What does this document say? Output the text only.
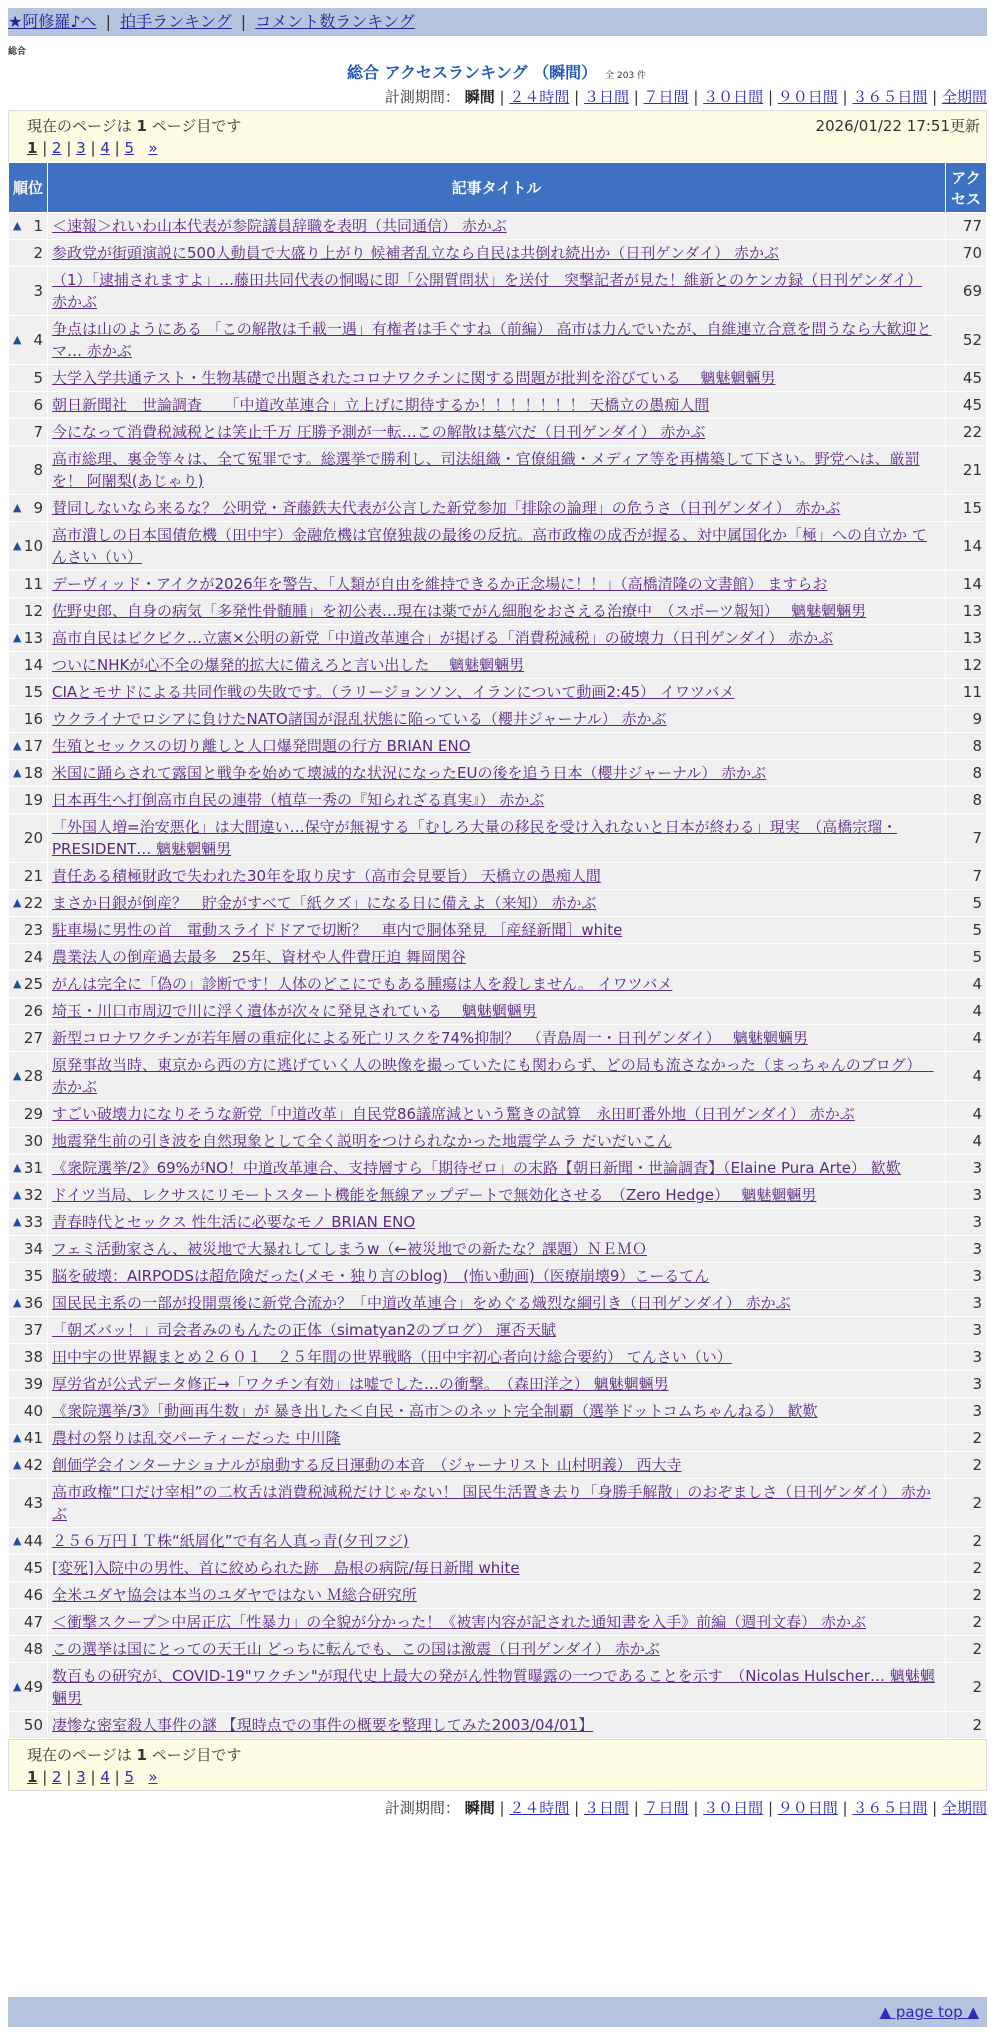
★阿修羅♪へ | 拍手ランキング | コメント数ランキング
総合
総合 アクセスランキング （瞬間） 全 203 件
計測期間： 瞬間 | ２４時間 | ３日間 | ７日間 | ３０日間 | ９０日間 | ３６５日間 | 全期間
現在のページは 1 ページ目です	2026/01/22 17:51更新
1 | 2 | 3 | 4 | 5 »
順位	記事タイトル	アクセス

▲ 1	＜速報＞れいわ山本代表が参院議員辞職を表明（共同通信） 赤かぶ	77
2	参政党が街頭演説に500人動員で大盛り上がり 候補者乱立なら自民は共倒れ続出か（日刊ゲンダイ） 赤かぶ	70
3	（1）「逮捕されますよ」…藤田共同代表の恫喝に即「公開質問状」を送付　突撃記者が見た！維新とのケンカ録（日刊ゲンダイ） 赤かぶ	69

▲ 4	争点は山のようにある 「この解散は千載一遇」有権者は手ぐすね（前編） 高市は力んでいたが、自維連立合意を問うなら大歓迎とマ… 赤かぶ	52
5	大学入学共通テスト・生物基礎で出題されたコロナワクチンに関する問題が批判を浴びている　 魑魅魍魎男	45
6	朝日新聞社　世論調査　　「中道改革連合」立上げに期待するか！！！！！！！ 天橋立の愚痴人間	45
7	今になって消費税減税とは笑止千万 圧勝予測が一転…この解散は墓穴だ（日刊ゲンダイ） 赤かぶ	22
8	高市総理、裏金等々は、全て冤罪です。総選挙で勝利し、司法組織・官僚組織・メディア等を再構築して下さい。野党へは、厳罰を！ 阿闍梨(あじゃり)	21

▲ 9	賛同しないなら来るな？ 公明党・斉藤鉄夫代表が公言した新党参加「排除の論理」の危うさ（日刊ゲンダイ） 赤かぶ	15

▲ 10	高市潰しの日本国債危機（田中宇）金融危機は官僚独裁の最後の反抗。高市政権の成否が握る、対中属国化か「極」への自立か てんさい（い）	14
11	デーヴィッド・アイクが2026年を警告、「人類が自由を維持できるか正念場に！！」（高橋清隆の文書館） ますらお	14
12	佐野史郎、自身の病気「多発性骨髄腫」を初公表…現在は薬でがん細胞をおさえる治療中　（スポーツ報知）　 魑魅魍魎男	13

▲ 13	高市自民はビクビク…立憲×公明の新党「中道改革連合」が掲げる「消費税減税」の破壊力（日刊ゲンダイ） 赤かぶ	13
14	ついにNHKが心不全の爆発的拡大に備えろと言い出した　 魑魅魍魎男	12
15	CIAとモサドによる共同作戦の失敗です。（ラリージョンソン、イランについて動画2:45） イワツバメ	11
16	ウクライナでロシアに負けたNATO諸国が混乱状態に陥っている（櫻井ジャーナル） 赤かぶ	9

▲ 17	生殖とセックスの切り離しと人口爆発問題の行方 BRIAN ENO	8

▲ 18	米国に踊らされて露国と戦争を始めて壊滅的な状況になったEUの後を追う日本（櫻井ジャーナル） 赤かぶ	8
19	日本再生へ打倒高市自民の連帯（植草一秀の『知られざる真実』） 赤かぶ	8
20	「外国人増=治安悪化」は大間違い…保守が無視する「むしろ大量の移民を受け入れないと日本が終わる」現実　（高橋宗瑠・PRESIDENT… 魑魅魍魎男	7
21	責任ある積極財政で失われた30年を取り戻す（高市会見要旨） 天橋立の愚痴人間	7

▲ 22	まさか日銀が倒産？　貯金がすべて「紙クズ」になる日に備えよ（来知） 赤かぶ	5
23	駐車場に男性の首　電動スライドドアで切断？　車内で胴体発見 ［産経新聞］white	5
24	農業法人の倒産過去最多　25年、資材や人件費圧迫 舞岡関谷	5

▲ 25	がんは完全に「偽の」診断です！人体のどこにでもある腫瘍は人を殺しません。 イワツバメ	4
26	埼玉・川口市周辺で川に浮く遺体が次々に発見されている　 魑魅魍魎男	4
27	新型コロナワクチンが若年層の重症化による死亡リスクを74%抑制？　（青島周一・日刊ゲンダイ）　 魑魅魍魎男	4

▲ 28	原発事故当時、東京から西の方に逃げていく人の映像を撮っていたにも関わらず、どの局も流さなかった（まっちゃんのブログ）　 赤かぶ	4
29	すごい破壊力になりそうな新党「中道改革」自民党86議席減という驚きの試算　永田町番外地（日刊ゲンダイ） 赤かぶ	4
30	地震発生前の引き波を自然現象として全く説明をつけられなかった地震学ムラ だいだいこん	4

▲ 31	《衆院選挙/2》69%がNO！中道改革連合、支持層すら「期待ゼロ」の末路【朝日新聞・世論調査】（Elaine Pura Arte） 歓歎	3

▲ 32	ドイツ当局、レクサスにリモートスタート機能を無線アップデートで無効化させる　（Zero Hedge）　 魑魅魍魎男	3

▲ 33	青春時代とセックス 性生活に必要なモノ BRIAN ENO	3
34	フェミ活動家さん、被災地で大暴れしてしまうw（←被災地での新たな？課題）ＮＥＭＯ	3
35	脳を破壊：AIRPODSは超危険だった(メモ・独り言のblog)　(怖い動画)（医療崩壊9）こーるてん	3

▲ 36	国民民主系の一部が投開票後に新党合流か？「中道改革連合」をめぐる熾烈な綱引き（日刊ゲンダイ） 赤かぶ	3
37	「朝ズバッ！」司会者みのもんたの正体（simatyan2のブログ） 運否天賦	3
38	田中宇の世界観まとめ２６０１　２５年間の世界戦略（田中宇初心者向け総合要約） てんさい（い）	3
39	厚労省が公式データ修正→「ワクチン有効」は嘘でした…の衝撃。　（森田洋之） 魑魅魍魎男	3
40	《衆院選挙/3》「動画再生数」が 暴き出した＜自民・高市＞のネット完全制覇（選挙ドットコムちゃんねる） 歓歎	3

▲ 41	農村の祭りは乱交パーティーだった 中川隆	2

▲ 42	創価学会インターナショナルが扇動する反日運動の本音　（ジャーナリスト 山村明義） 西大寺	2
43	高市政権“口だけ宰相”の二枚舌は消費税減税だけじゃない！ 国民生活置き去り「身勝手解散」のおぞましさ（日刊ゲンダイ） 赤かぶ	2

▲ 44	２５６万円ＩＴ株“紙屑化”で有名人真っ青(夕刊フジ)	2
45	[変死]入院中の男性、首に絞められた跡　島根の病院/毎日新聞 white	2
46	全米ユダヤ協会は本当のユダヤではない Ｍ総合研究所	2
47	＜衝撃スクープ＞中居正広「性暴力」の全貌が分かった！《被害内容が記された通知書を入手》前編（週刊文春） 赤かぶ	2
48	この選挙は国にとっての天王山 どっちに転んでも、この国は激震（日刊ゲンダイ） 赤かぶ	2

▲ 49	数百もの研究が、COVID-19"ワクチン"が現代史上最大の発がん性物質曝露の一つであることを示す　（Nicolas Hulscher… 魑魅魍魎男	2
50	凄惨な密室殺人事件の謎 【現時点での事件の概要を整理してみた2003/04/01】	2
現在のページは 1 ページ目です
1 | 2 | 3 | 4 | 5 »
計測期間： 瞬間 | ２４時間 | ３日間 | ７日間 | ３０日間 | ９０日間 | ３６５日間 | 全期間
▲ page top ▲
